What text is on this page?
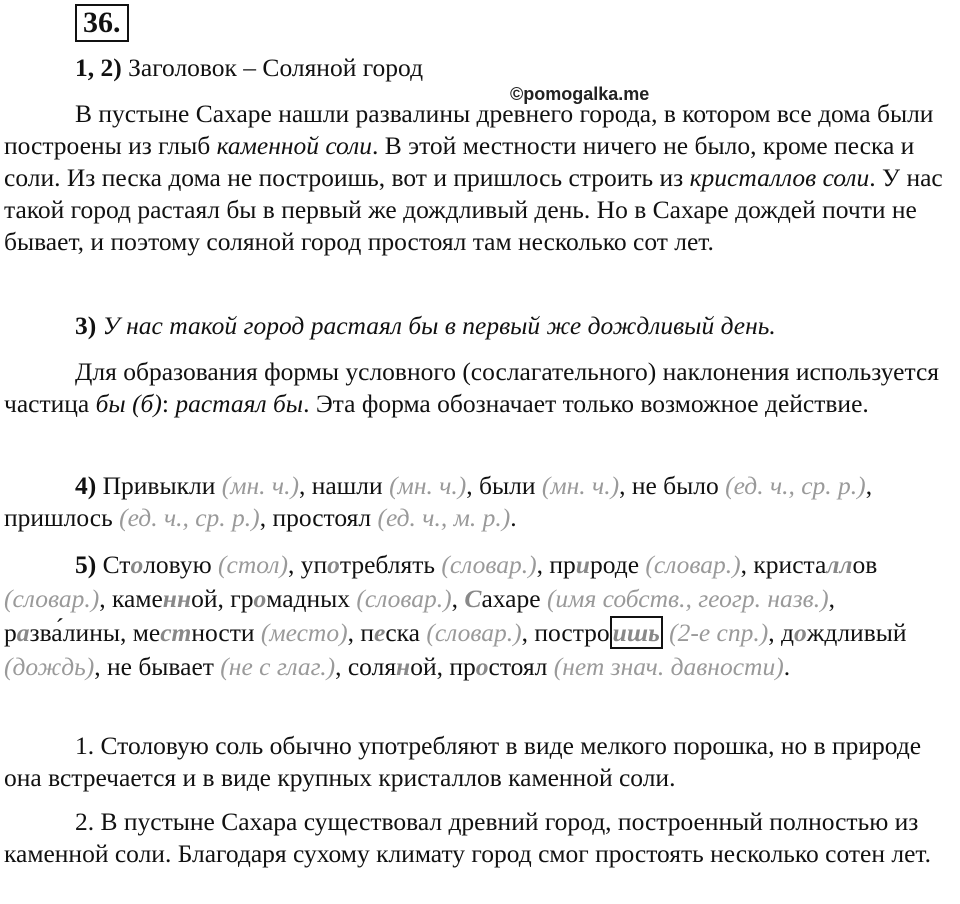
36.
©pomogalka.me

1, 2) Заголовок – Соляной город

В пустыне Сахаре нашли развалины древнего города, в котором все дома были построены из глыб каменной соли. В этой местности ничего не было, кроме песка и соли. Из песка дома не построишь, вот и пришлось строить из кристаллов соли. У нас такой город растаял бы в первый же дождливый день. Но в Сахаре дождей почти не бывает, и поэтому соляной город простоял там несколько сот лет.

3) У нас такой город растаял бы в первый же дождливый день.

Для образования формы условного (сослагательного) наклонения используется частица бы (б): растаял бы. Эта форма обозначает только возможное действие.

4) Привыкли (мн. ч.), нашли (мн. ч.), были (мн. ч.), не было (ед. ч., ср. р.), пришлось (ед. ч., ср. р.), простоял (ед. ч., м. р.).

5) Столовую (стол), употреблять (словар.), природе (словар.), кристаллов (словар.), каменной, громадных (словар.), Сахаре (имя собств., геогр. назв.), разва́лины, местности (место), песка (словар.), постро ишь (2-е спр.), дождливый (дождь), не бывает (не с глаг.), соляной, простоял (нет знач. давности).

1. Столовую соль обычно употребляют в виде мелкого порошка, но в природе она встречается и в виде крупных кристаллов каменной соли.

2. В пустыне Сахара существовал древний город, построенный полностью из каменной соли. Благодаря сухому климату город смог простоять несколько сотен лет.
